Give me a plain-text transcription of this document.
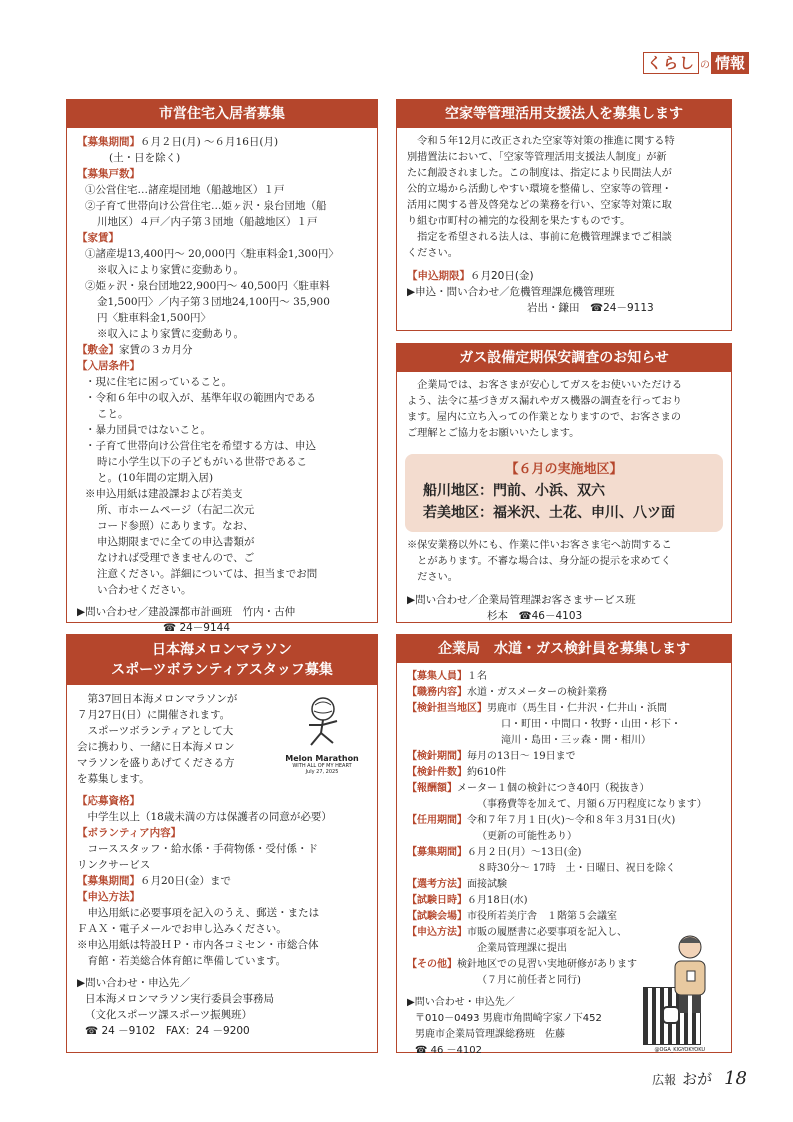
くらし の 情報
市営住宅入居者募集
【募集期間】６月２日(月) ～６月16日(月)
(土・日を除く)
【募集戸数】
①公営住宅…諸産堤団地（船越地区）１戸
②子育て世帯向け公営住宅…姫ヶ沢・泉台団地（船
川地区）４戸／内子第３団地（船越地区）１戸
【家賃】
①諸産堤13,400円～ 20,000円〈駐車料金1,300円〉
※収入により家賃に変動あり。
②姫ヶ沢・泉台団地22,900円～ 40,500円〈駐車料
金1,500円〉／内子第３団地24,100円～ 35,900
円〈駐車料金1,500円〉
※収入により家賃に変動あり。
【敷金】家賃の３カ月分
【入居条件】
・現に住宅に困っていること。
・令和６年中の収入が、基準年収の範囲内である
こと。
・暴力団員ではないこと。
・子育て世帯向け公営住宅を希望する方は、申込
時に小学生以下の子どもがいる世帯であるこ
と。(10年間の定期入居)
※申込用紙は建設課および若美支
所、市ホームページ（右記二次元
コード参照）にあります。なお、
申込期限までに全ての申込書類が
なければ受理できませんので、ご
注意ください。詳細については、担当までお問
い合わせください。
▶問い合わせ／建設課都市計画班　竹内・古仲
☎ 24－9144
空家等管理活用支援法人を募集します
　令和５年12月に改正された空家等対策の推進に関する特
別措置法において、「空家等管理活用支援法人制度」が新
たに創設されました。この制度は、指定により民間法人が
公的立場から活動しやすい環境を整備し、空家等の管理・
活用に関する普及啓発などの業務を行い、空家等対策に取
り組む市町村の補完的な役割を果たすものです。
　指定を希望される法人は、事前に危機管理課までご相談
ください。
【申込期限】６月20日(金)
▶申込・問い合わせ／危機管理課危機管理班
岩出・鎌田　 ☎24－9113
ガス設備定期保安調査のお知らせ
　企業局では、お客さまが安心してガスをお使いいただける
よう、法令に基づきガス漏れやガス機器の調査を行っており
ます。屋内に立ち入っての作業となりますので、お客さまの
ご理解とご協力をお願いいたします。
【６月の実施地区】
船川地区：門前、小浜、双六
若美地区：福米沢、土花、申川、八ツ面
※保安業務以外にも、作業に伴いお客さま宅へ訪問するこ
　とがあります。不審な場合は、身分証の提示を求めてく
　ださい。
▶問い合わせ／企業局管理課お客さまサービス班
杉本　 ☎46－4103
日本海メロンマラソン
スポーツボランティアスタッフ募集
　第37回日本海メロンマラソンが
７月27日(日）に開催されます。
　スポーツボランティアとして大
会に携わり、一緒に日本海メロン
マラソンを盛りあげてくださる方
を募集します。
Melon Marathon
WITH ALL OF MY HEART
July 27, 2025
【応募資格】
　中学生以上（18歳未満の方は保護者の同意が必要）
【ボランティア内容】
　コーススタッフ・給水係・手荷物係・受付係・ド
リンクサービス
【募集期間】６月20日(金）まで
【申込方法】
　申込用紙に必要事項を記入のうえ、郵送・または
ＦＡＸ・電子メールでお申し込みください。
※申込用紙は特設ＨＰ・市内各コミセン・市総合体
　育館・若美総合体育館に準備しています。
▶問い合わせ・申込先／
日本海メロンマラソン実行委員会事務局
（文化スポーツ課スポーツ振興班）
☎ 24 －9102　FAX：24 －9200
企業局　水道・ガス検針員を募集します
【募集人員】１名
【職務内容】水道・ガスメーターの検針業務
【検針担当地区】男鹿市（馬生目・仁井沢・仁井山・浜間
口・町田・中間口・牧野・山田・杉下・
滝川・島田・三ッ森・開・相川）
【検針期間】毎月の13日～ 19日まで
【検針件数】約610件
【報酬額】メーター１個の検針につき40円（税抜き）
（事務費等を加えて、月額６万円程度になります）
【任用期間】令和７年７月１日(火)～令和８年３月31日(火)
（更新の可能性あり）
【募集期間】６月２日(月）～13日(金)
８時30分～ 17時　土・日曜日、祝日を除く
【選考方法】面接試験
【試験日時】６月18日(水)
【試験会場】市役所若美庁舎　１階第５会議室
【申込方法】市販の履歴書に必要事項を記入し、
企業局管理課に提出
【その他】検針地区での見習い実地研修があります
（７月に前任者と同行)
▶問い合わせ・申込先／
〒010－0493 男鹿市角間崎字家ノ下452
男鹿市企業局管理課総務班　佐藤
☎ 46 －4102	@OGA_KIGYOKYOKU
広報 おが 18
